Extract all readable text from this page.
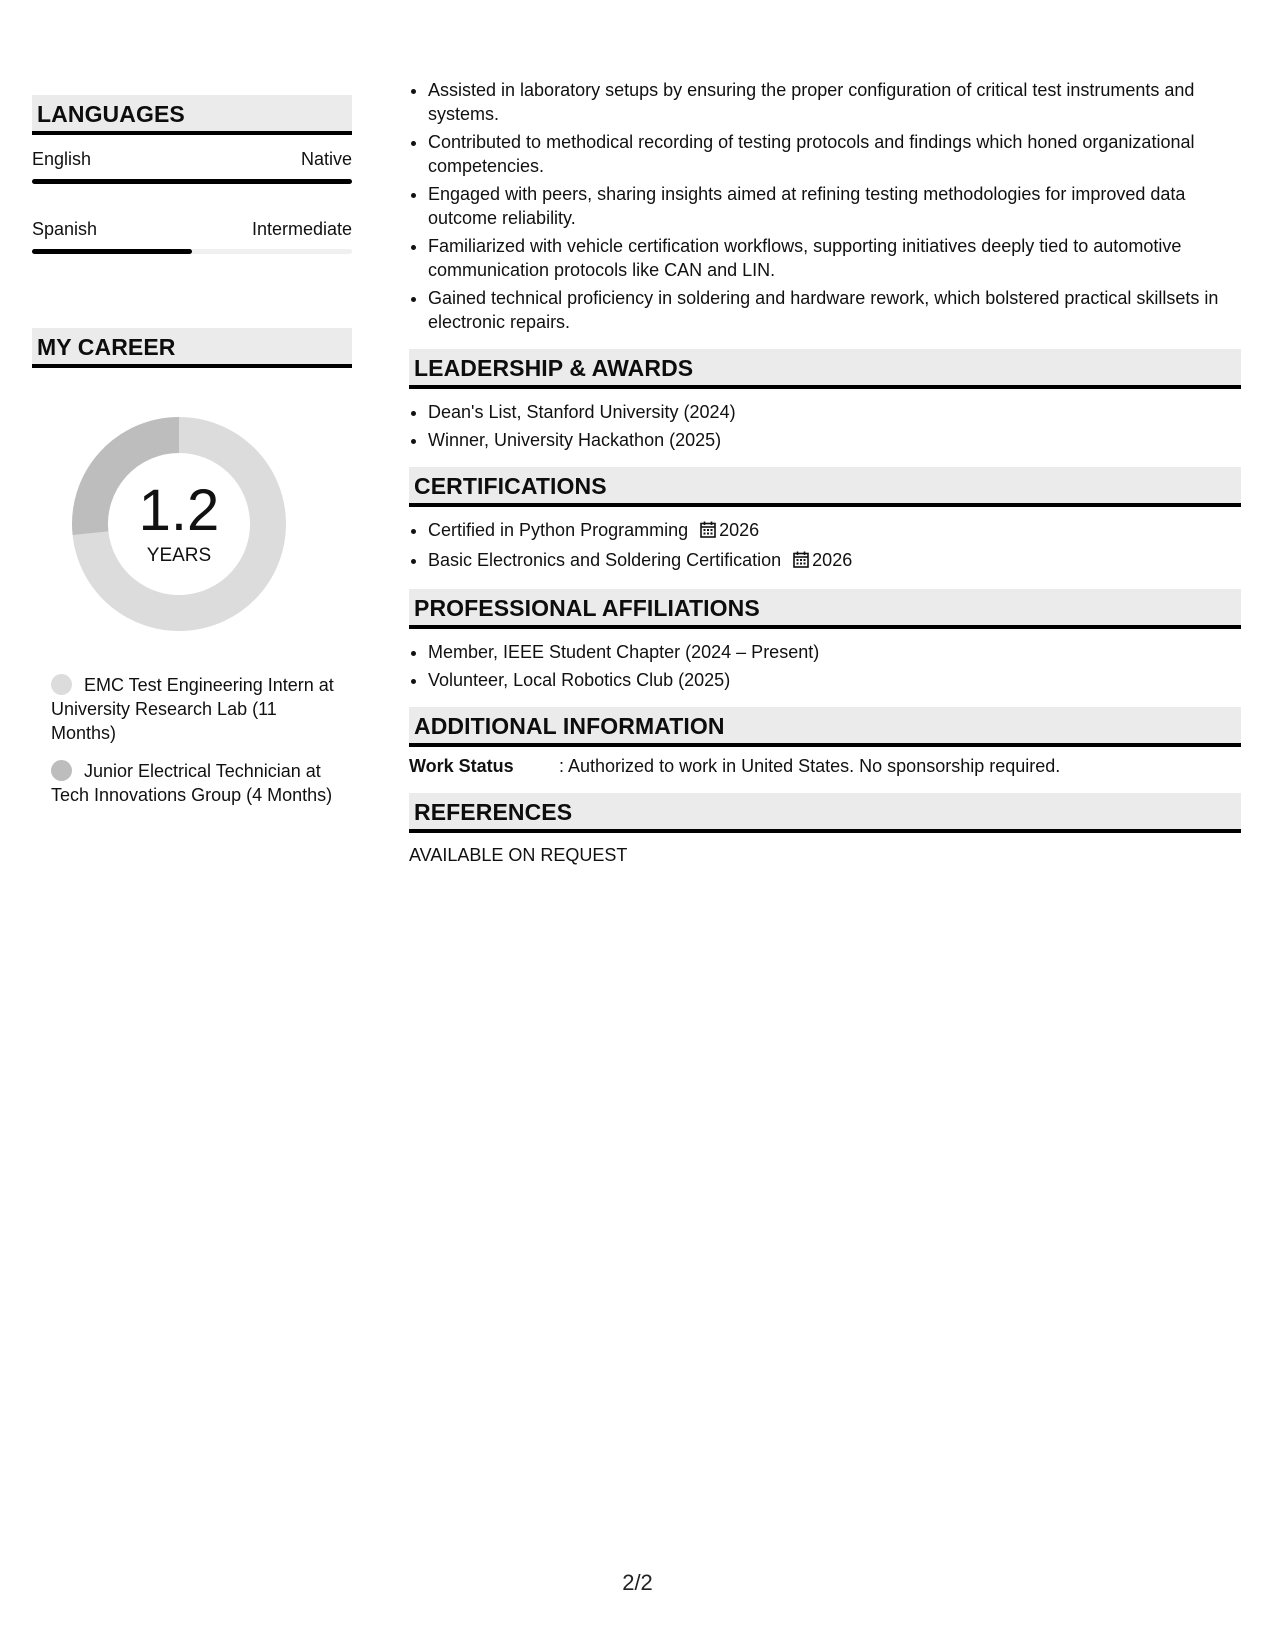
LANGUAGES
English	Native
Spanish	Intermediate
MY CAREER
1.2
YEARS
EMC Test Engineering Intern at University Research Lab (11 Months)
Junior Electrical Technician at Tech Innovations Group (4 Months)
• Assisted in laboratory setups by ensuring the proper configuration of critical test instruments and systems.
• Contributed to methodical recording of testing protocols and findings which honed organizational competencies.
• Engaged with peers, sharing insights aimed at refining testing methodologies for improved data outcome reliability.
• Familiarized with vehicle certification workflows, supporting initiatives deeply tied to automotive communication protocols like CAN and LIN.
• Gained technical proficiency in soldering and hardware rework, which bolstered practical skillsets in electronic repairs.
LEADERSHIP & AWARDS
• Dean's List, Stanford University (2024)
• Winner, University Hackathon (2025)
CERTIFICATIONS
• Certified in Python Programming 2026
• Basic Electronics and Soldering Certification 2026
PROFESSIONAL AFFILIATIONS
• Member, IEEE Student Chapter (2024 – Present)
• Volunteer, Local Robotics Club (2025)
ADDITIONAL INFORMATION
Work Status	: Authorized to work in United States. No sponsorship required.
REFERENCES
AVAILABLE ON REQUEST
2/2
